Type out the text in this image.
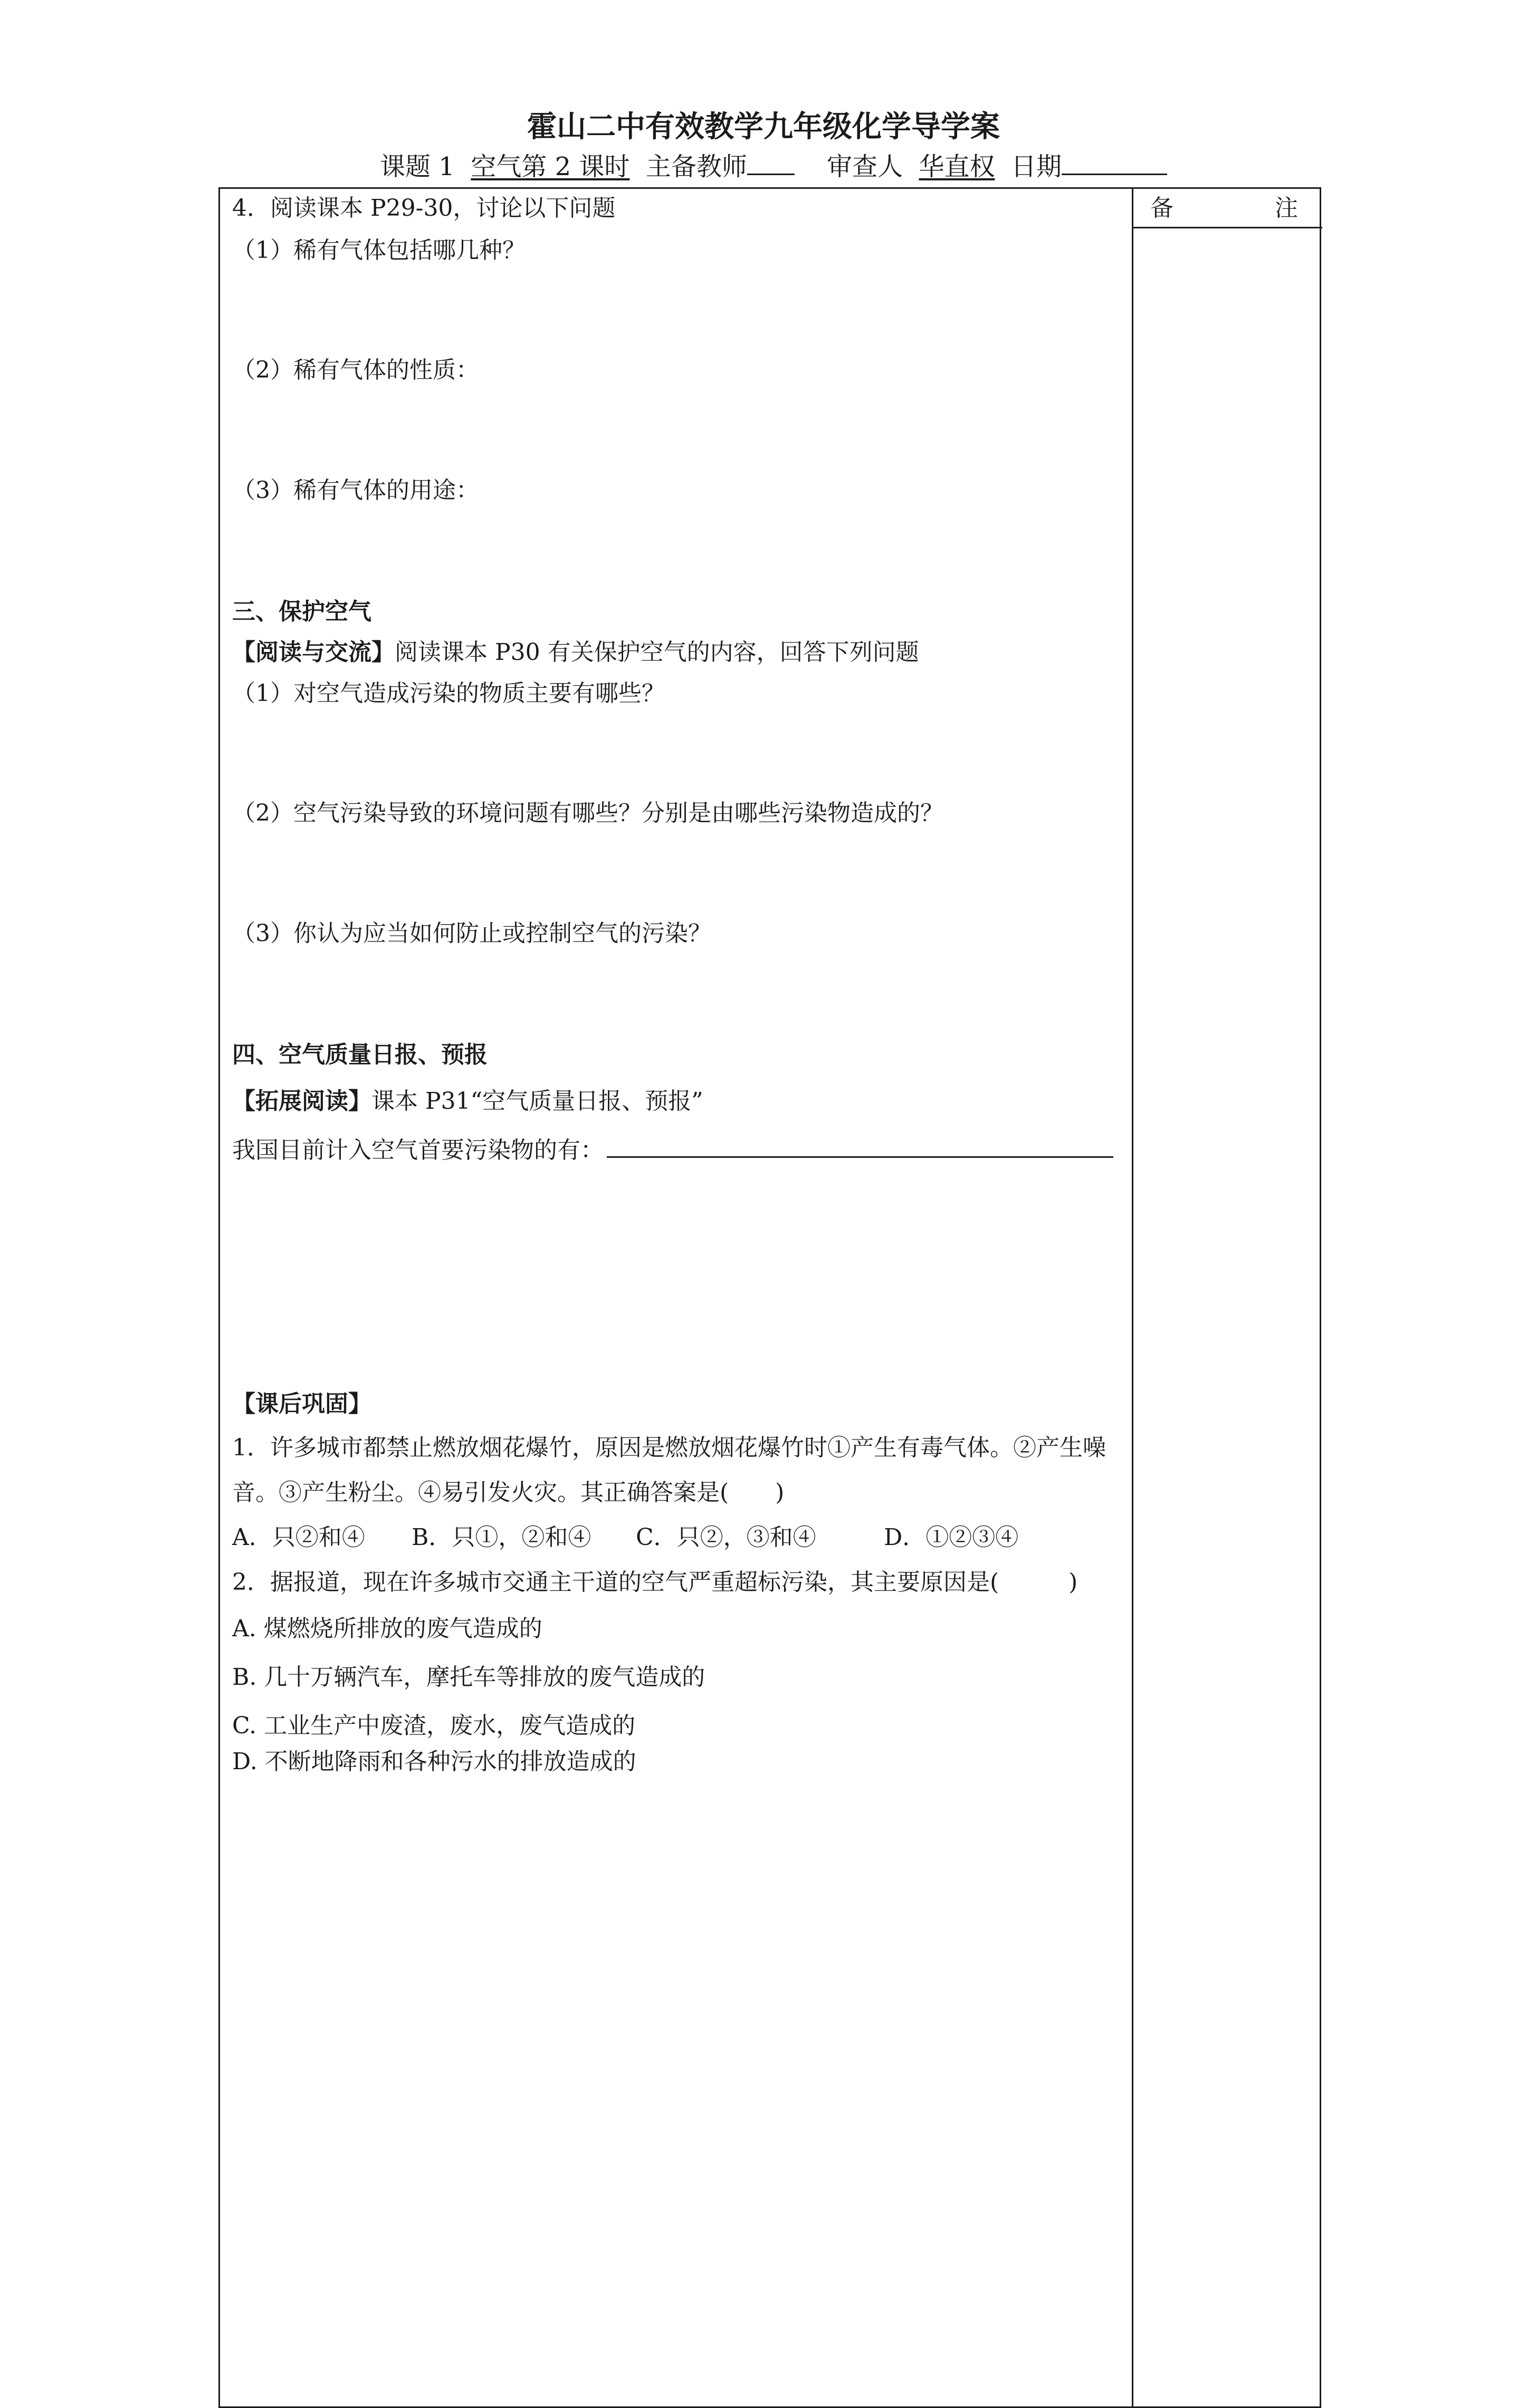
霍山二中有效教学九年级化学导学案
课题 1 空气第 2 课时 主备教师	审查人 华直权 日期
备	注
4．阅读课本 P29-30，讨论以下问题
（1）稀有气体包括哪几种？
（2）稀有气体的性质：
（3）稀有气体的用途：
三、保护空气
【阅读与交流】阅读课本 P30 有关保护空气的内容，回答下列问题
（1）对空气造成污染的物质主要有哪些？
（2）空气污染导致的环境问题有哪些？分别是由哪些污染物造成的？
（3）你认为应当如何防止或控制空气的污染？
四、空气质量日报、预报
【拓展阅读】课本 P31“空气质量日报、预报”
我国目前计入空气首要污染物的有：
【课后巩固】
1．许多城市都禁止燃放烟花爆竹，原因是燃放烟花爆竹时①产生有毒气体。②产生噪
音。③产生粉尘。④易引发火灾。其正确答案是(　　)
A．只②和④ B．只①，②和④ C．只②，③和④	D．①②③④
2．据报道，现在许多城市交通主干道的空气严重超标污染，其主要原因是(　　　)
A. 煤燃烧所排放的废气造成的
B. 几十万辆汽车，摩托车等排放的废气造成的
C. 工业生产中废渣，废水，废气造成的
D. 不断地降雨和各种污水的排放造成的
